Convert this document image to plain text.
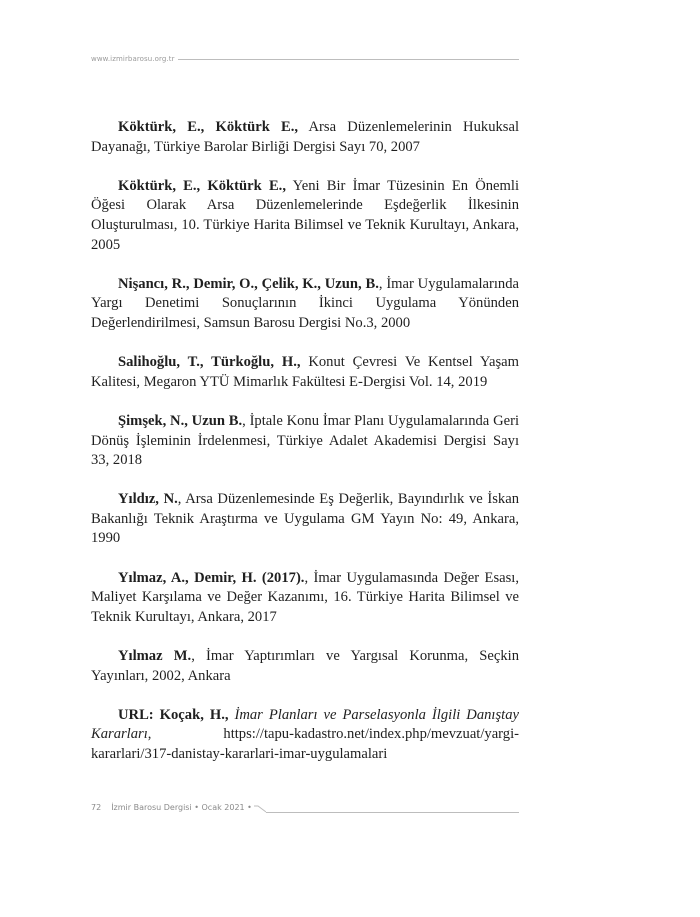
www.izmirbarosu.org.tr

Köktürk, E., Köktürk E., Arsa Düzenlemelerinin Hukuksal Dayanağı, Türkiye Barolar Birliği Dergisi Sayı 70, 2007

Köktürk, E., Köktürk E., Yeni Bir İmar Tüzesinin En Önemli Öğesi Olarak Arsa Düzenlemelerinde Eşdeğerlik İlkesinin Oluşturulması, 10. Türkiye Harita Bilimsel ve Teknik Kurultayı, Ankara, 2005

Nişancı, R., Demir, O., Çelik, K., Uzun, B., İmar Uygulamalarında Yargı Denetimi Sonuçlarının İkinci Uygulama Yönünden Değerlendirilmesi, Samsun Barosu Dergisi No.3, 2000

Salihoğlu, T., Türkoğlu, H., Konut Çevresi Ve Kentsel Yaşam Kalitesi, Megaron YTÜ Mimarlık Fakültesi E-Dergisi Vol. 14, 2019

Şimşek, N., Uzun B., İptale Konu İmar Planı Uygulamalarında Geri Dönüş İşleminin İrdelenmesi, Türkiye Adalet Akademisi Dergisi Sayı 33, 2018

Yıldız, N., Arsa Düzenlemesinde Eş Değerlik, Bayındırlık ve İskan Bakanlığı Teknik Araştırma ve Uygulama GM Yayın No: 49, Ankara, 1990

Yılmaz, A., Demir, H. (2017)., İmar Uygulamasında Değer Esası, Maliyet Karşılama ve Değer Kazanımı, 16. Türkiye Harita Bilimsel ve Teknik Kurultayı, Ankara, 2017

Yılmaz M., İmar Yaptırımları ve Yargısal Korunma, Seçkin Yayınları, 2002, Ankara

URL: Koçak, H., İmar Planları ve Parselasyonla İlgili Danıştay Kararları, https://tapu-kadastro.net/index.php/mevzuat/yargi-kararlari/317-danistay-kararlari-imar-uygulamalari

72 İzmir Barosu Dergisi • Ocak 2021 •
